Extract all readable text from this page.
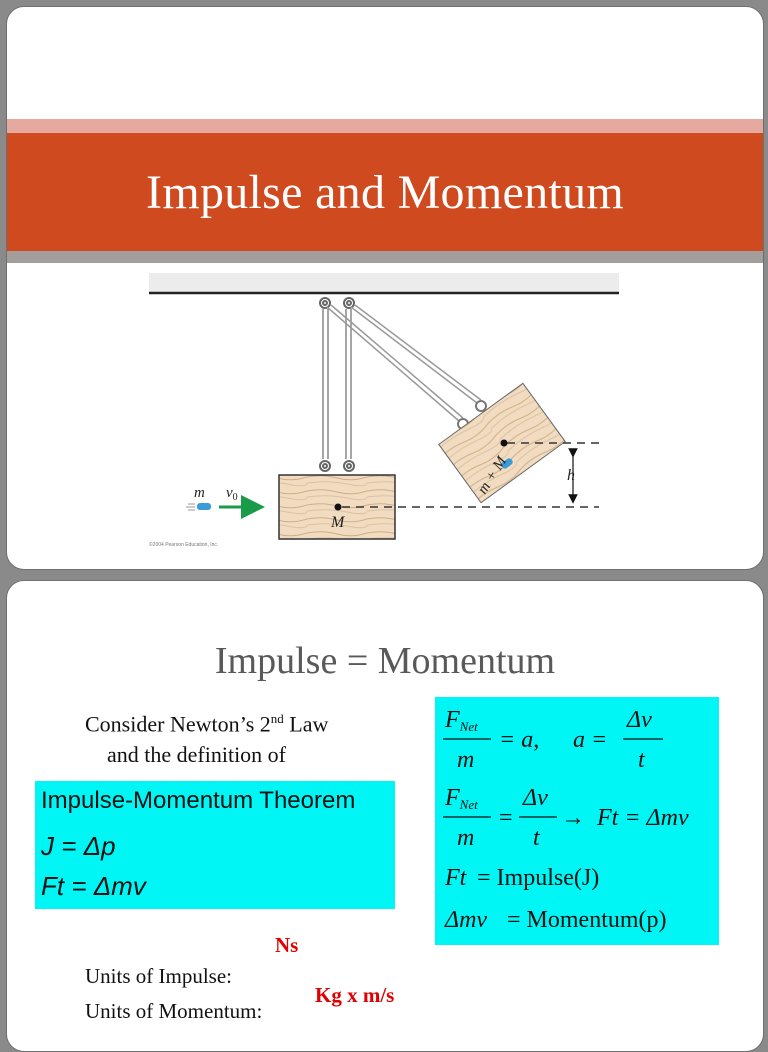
Impulse and Momentum
M
m + M	h
m $v_0$
©2004 Pearson Education, Inc.
Impulse = Momentum
Consider Newton’s 2nd Law
and the definition of
Impulse-Momentum Theorem
J = Δp
Ft = Δmv
FNet
m
= a, a =
Δv
t
FNet
m
=
Δv
t
→ Ft = Δmv
Ft = Impulse(J)
Δmv = Momentum(p)
Ns
Units of Impulse:
Kg x m/s
Units of Momentum:
